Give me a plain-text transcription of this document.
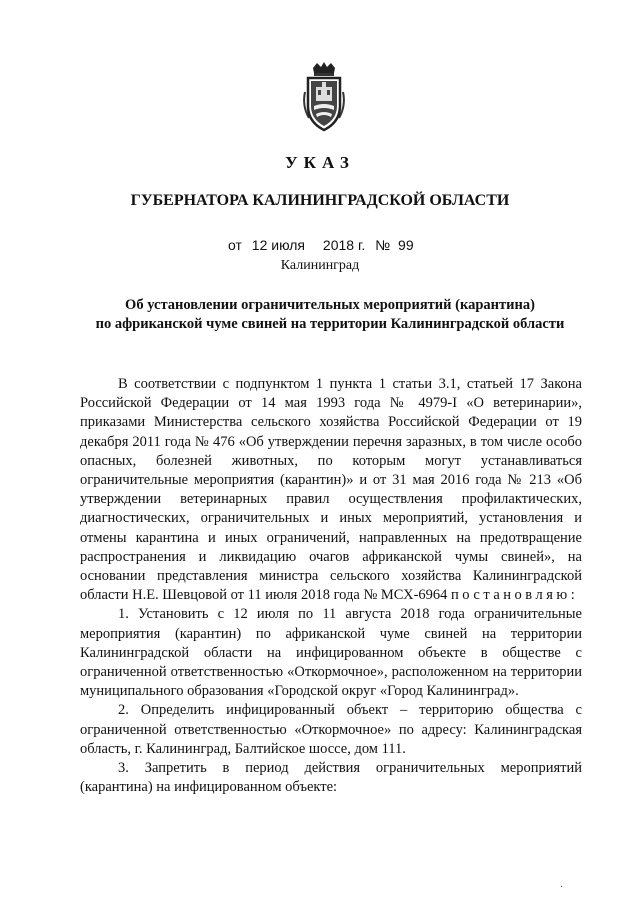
УКАЗ
ГУБЕРНАТОРА КАЛИНИНГРАДСКОЙ ОБЛАСТИ
от 12 июля 2018 г. № 99
Калининград
Об установлении ограничительных мероприятий (карантина)
по африканской чуме свиней на территории Калининградской области

В соответствии с подпунктом 1 пункта 1 статьи 3.1, статьей 17 Закона Российской Федерации от 14 мая 1993 года № 4979-I «О ветеринарии», приказами Министерства сельского хозяйства Российской Федерации от 19 декабря 2011 года № 476 «Об утверждении перечня заразных, в том числе особо опасных, болезней животных, по которым могут устанавливаться ограничительные мероприятия (карантин)» и от 31 мая 2016 года № 213 «Об утверждении ветеринарных правил осуществления профилактических, диагностических, ограничительных и иных мероприятий, установления и отмены карантина и иных ограничений, направленных на предотвращение распространения и ликвидацию очагов африканской чумы свиней», на основании представления министра сельского хозяйства Калининградской области Н.Е. Шевцовой от 11 июля 2018 года № МСХ-6964 постановляю:

1. Установить с 12 июля по 11 августа 2018 года ограничительные мероприятия (карантин) по африканской чуме свиней на территории Калининградской области на инфицированном объекте в обществе с ограниченной ответственностью «Откормочное», расположенном на территории муниципального образования «Городской округ «Город Калининград».

2. Определить инфицированный объект – территорию общества с ограниченной ответственностью «Откормочное» по адресу: Калининградская область, г. Калининград, Балтийское шоссе, дом 111.

3. Запретить в период действия ограничительных мероприятий (карантина) на инфицированном объекте:

·
